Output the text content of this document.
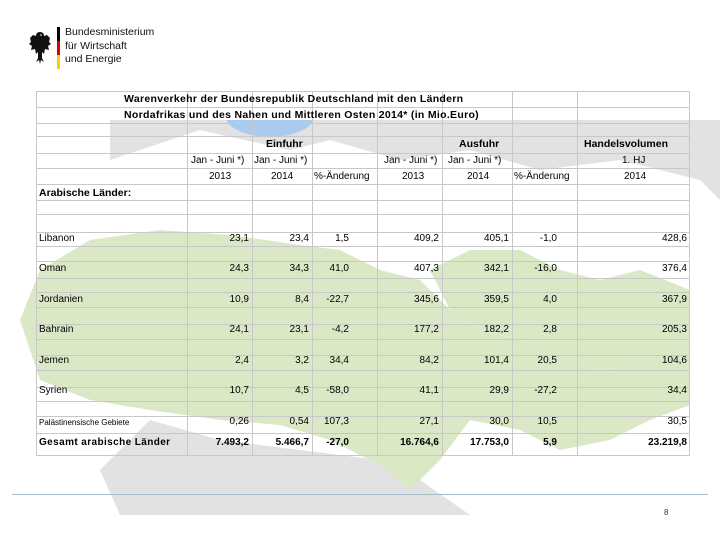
Bundesministerium
für Wirtschaft
und Energie
Warenverkehr der Bundesrepublik Deutschland mit den Ländern
Nordafrikas und des Nahen und Mittleren Osten 2014* (in Mio.Euro)
Einfuhr	Ausfuhr	Handelsvolumen
Jan - Juni *) Jan - Juni *)	Jan - Juni *) Jan - Juni *)	1. HJ
2013	2014 %-Änderung	2013	2014 %-Änderung	2014
Arabische Länder:
Libanon	23,1	23,4	1,5	409,2	405,1	-1,0	428,6
Oman	24,3	34,3 41,0	407,3	342,1	-16,0	376,4
Jordanien	10,9	8,4 -22,7	345,6	359,5	4,0	367,9
Bahrain	24,1	23,1 -4,2	177,2	182,2	2,8	205,3
Jemen	2,4	3,2 34,4	84,2	101,4	20,5	104,6
Syrien	10,7	4,5 -58,0	41,1	29,9	-27,2	34,4
Palästinensische Gebiete	0,26	0,54 107,3	27,1	30,0	10,5	30,5
Gesamt arabische Länder	7.493,2	5.466,7 -27,0	16.764,6	17.753,0	5,9	23.219,8
8
